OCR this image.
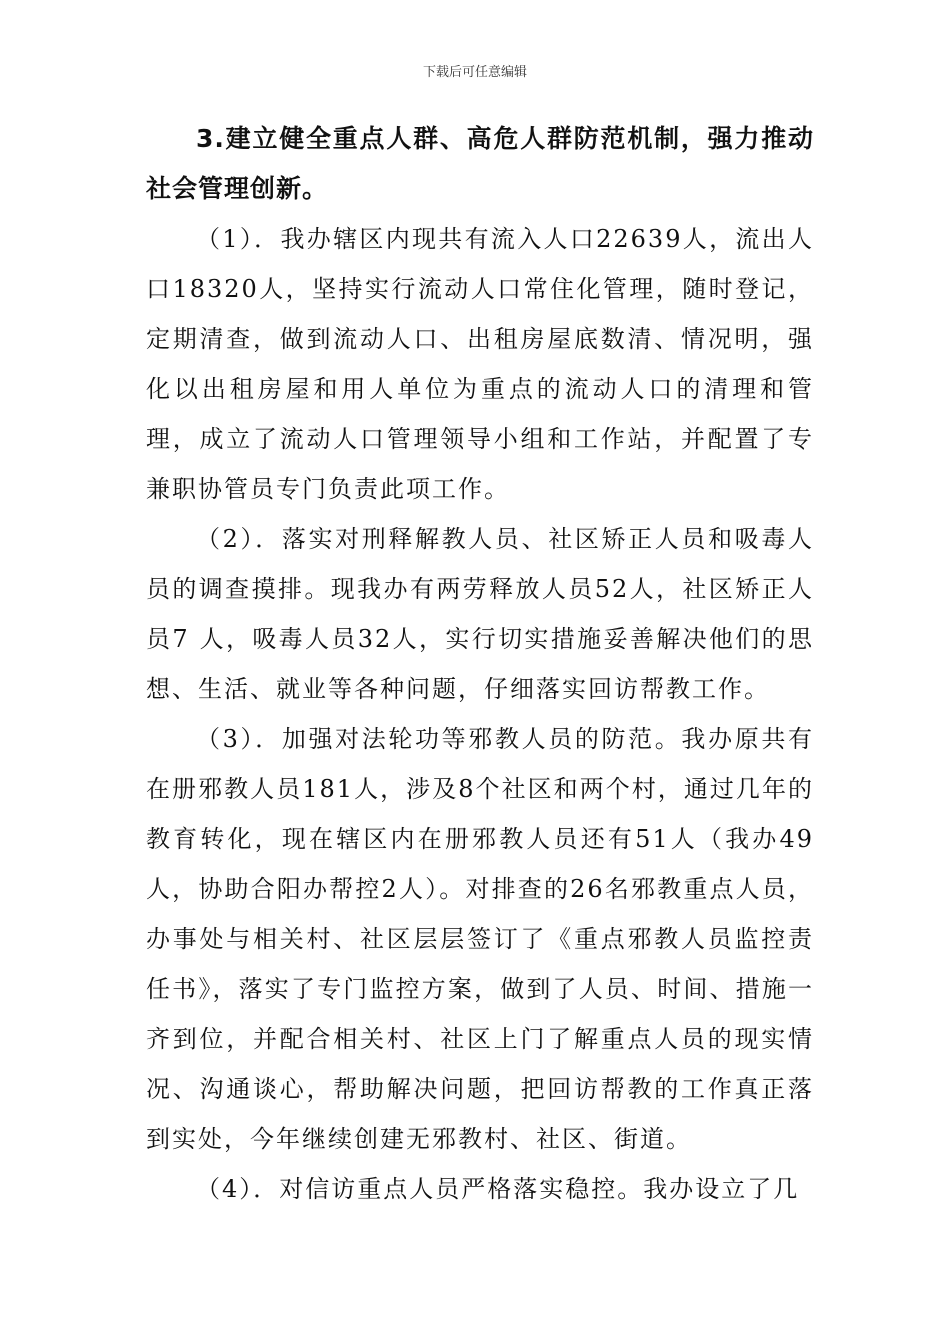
下载后可任意编辑

3.建立健全重点人群、高危人群防范机制，强力推动社会管理创新。

（1）．我办辖区内现共有流入人口22639人，流出人口18320人，坚持实行流动人口常住化管理，随时登记，定期清查，做到流动人口、出租房屋底数清、情况明，强化以出租房屋和用人单位为重点的流动人口的清理和管理，成立了流动人口管理领导小组和工作站，并配置了专兼职协管员专门负责此项工作。

（2）．落实对刑释解教人员、社区矫正人员和吸毒人员的调查摸排。现我办有两劳释放人员52人，社区矫正人员7 人，吸毒人员32人，实行切实措施妥善解决他们的思想、生活、就业等各种问题，仔细落实回访帮教工作。

（3）．加强对法轮功等邪教人员的防范。我办原共有在册邪教人员181人，涉及8个社区和两个村，通过几年的教育转化，现在辖区内在册邪教人员还有51人（我办49人，协助合阳办帮控2人）。对排查的26名邪教重点人员，办事处与相关村、社区层层签订了《重点邪教人员监控责任书》，落实了专门监控方案，做到了人员、时间、措施一齐到位，并配合相关村、社区上门了解重点人员的现实情况、沟通谈心，帮助解决问题，把回访帮教的工作真正落到实处，今年继续创建无邪教村、社区、街道。

（4）．对信访重点人员严格落实稳控。我办设立了几
